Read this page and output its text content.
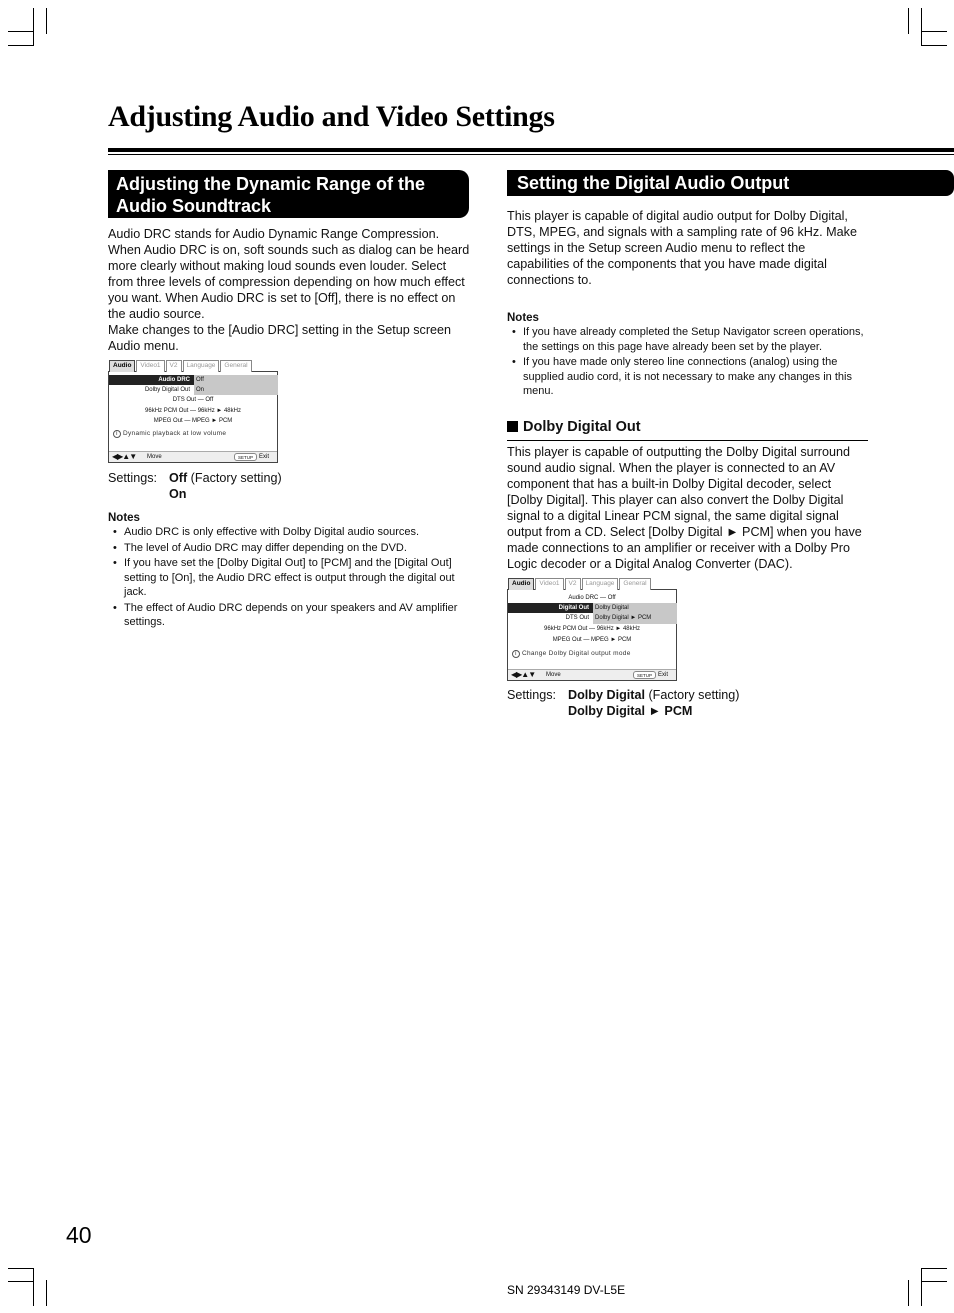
Adjusting Audio and Video Settings
Adjusting the Dynamic Range of the Audio Soundtrack

Audio DRC stands for Audio Dynamic Range Compression. When Audio DRC is on, soft sounds such as dialog can be heard more clearly without making loud sounds even louder. Select from three levels of compression depending on how much effect you want. When Audio DRC is set to [Off], there is no effect on the audio source.

Make changes to the [Audio DRC] setting in the Setup screen Audio menu.

Audio	Video1	V2	Language	General
Audio DRC	Off
Dolby Digital Out	On
DTS Out — Off
96kHz PCM Out — 96kHz ► 48kHz
MPEG Out — MPEG ► PCM
i Dynamic playback at low volume
◀▶▲▼ Move	SETUP Exit
Settings: Off (Factory setting)
On
Notes
• Audio DRC is only effective with Dolby Digital audio sources.
• The level of Audio DRC may differ depending on the DVD.
• If you have set the [Dolby Digital Out] to [PCM] and the [Digital Out] setting to [On], the Audio DRC effect is output through the digital out jack.
• The effect of Audio DRC depends on your speakers and AV amplifier settings.
Setting the Digital Audio Output

This player is capable of digital audio output for Dolby Digital, DTS, MPEG, and signals with a sampling rate of 96 kHz. Make settings in the Setup screen Audio menu to reflect the capabilities of the components that you have made digital connections to.

Notes
• If you have already completed the Setup Navigator screen operations, the settings on this page have already been set by the player.
• If you have made only stereo line connections (analog) using the supplied audio cord, it is not necessary to make any changes in this menu.
Dolby Digital Out

This player is capable of outputting the Dolby Digital surround sound audio signal. When the player is connected to an AV component that has a built-in Dolby Digital decoder, select [Dolby Digital]. This player can also convert the Dolby Digital signal to a digital Linear PCM signal, the same digital signal output from a CD. Select [Dolby Digital ► PCM] when you have made connections to an amplifier or receiver with a Dolby Pro Logic decoder or a Digital Analog Converter (DAC).

Audio	Video1	V2	Language	General
Audio DRC — Off
Digital Out	Dolby Digital
DTS Out	Dolby Digital ► PCM
96kHz PCM Out — 96kHz ► 48kHz
MPEG Out — MPEG ► PCM
i Change Dolby Digital output mode
◀▶▲▼ Move	SETUP Exit
Settings: Dolby Digital (Factory setting)
Dolby Digital ► PCM
40
SN 29343149 DV-L5E
